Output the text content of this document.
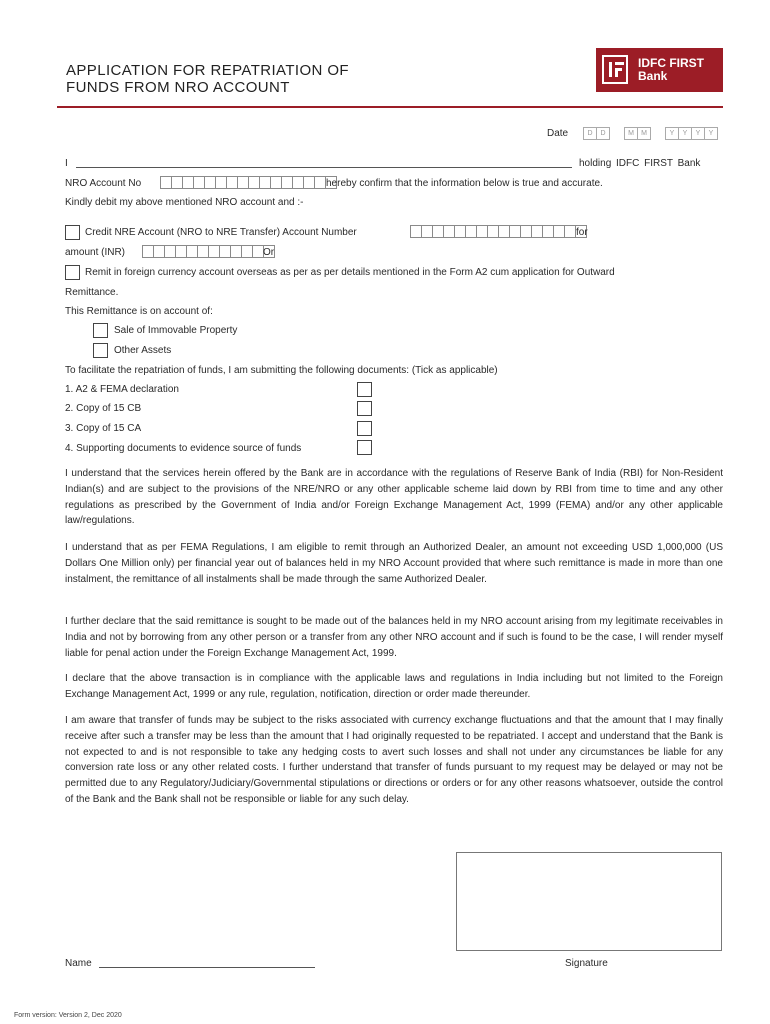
APPLICATION FOR REPATRIATION OF
FUNDS FROM NRO ACCOUNT
IDFC FIRST
Bank
Date	D	D	M	M	Y	Y	Y	Y
I	holding IDFC FIRST Bank
NRO Account No	hereby confirm that the information below is true and accurate.
Kindly debit my above mentioned NRO account and :-
Credit NRE Account (NRO to NRE Transfer) Account Number	for
amount (INR)	Or
Remit in foreign currency account overseas as per as per details mentioned in the Form A2 cum application for Outward
Remittance.
This Remittance is on account of:
Sale of Immovable Property
Other Assets
To facilitate the repatriation of funds, I am submitting the following documents: (Tick as applicable)
1. A2 & FEMA declaration
2. Copy of 15 CB
3. Copy of 15 CA
4. Supporting documents to evidence source of funds
I understand that the services herein offered by the Bank are in accordance with the regulations of Reserve Bank of India (RBI) for Non-Resident Indian(s) and are subject to the provisions of the NRE/NRO or any other applicable scheme laid down by RBI from time to time and any other regulations as prescribed by the Government of India and/or Foreign Exchange Management Act, 1999 (FEMA) and/or any other applicable law/regulations.
I understand that as per FEMA Regulations, I am eligible to remit through an Authorized Dealer, an amount not exceeding USD 1,000,000 (US Dollars One Million only) per financial year out of balances held in my NRO Account provided that where such remittance is made in more than one instalment, the remittance of all instalments shall be made through the same Authorized Dealer.
I further declare that the said remittance is sought to be made out of the balances held in my NRO account arising from my legitimate receivables in India and not by borrowing from any other person or a transfer from any other NRO account and if such is found to be the case, I will render myself liable for penal action under the Foreign Exchange Management Act, 1999.
I declare that the above transaction is in compliance with the applicable laws and regulations in India including but not limited to the Foreign Exchange Management Act, 1999 or any rule, regulation, notification, direction or order made thereunder.
I am aware that transfer of funds may be subject to the risks associated with currency exchange fluctuations and that the amount that I may finally receive after such a transfer may be less than the amount that I had originally requested to be repatriated. I accept and understand that the Bank is not expected to and is not responsible to take any hedging costs to avert such losses and shall not under any circumstances be liable for any conversion rate loss or any other related costs. I further understand that transfer of funds pursuant to my request may be delayed or may not be permitted due to any Regulatory/Judiciary/Governmental stipulations or directions or orders or for any other reasons whatsoever, outside the control of the Bank and the Bank shall not be responsible or liable for any such delay.
Name	Signature
Form version: Version 2, Dec 2020
